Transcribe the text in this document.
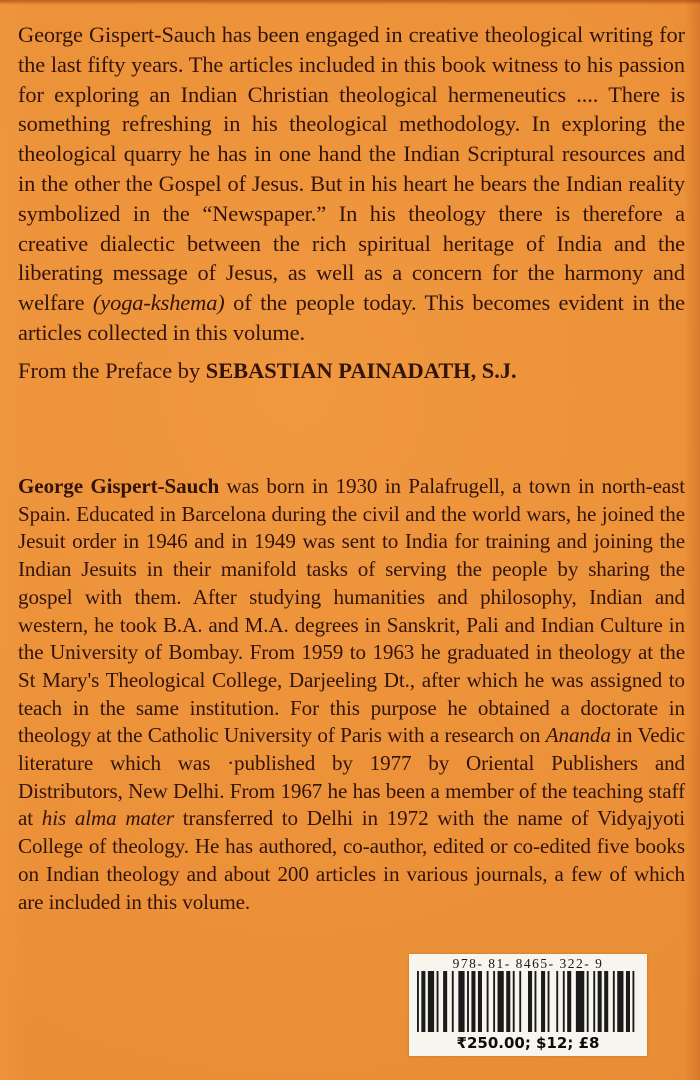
George Gispert-Sauch has been engaged in creative theological writing for the last fifty years. The articles included in this book witness to his passion for exploring an Indian Christian theological hermeneutics .... There is something refreshing in his theological methodology. In exploring the theological quarry he has in one hand the Indian Scriptural resources and in the other the Gospel of Jesus. But in his heart he bears the Indian reality symbolized in the “Newspaper.” In his theology there is therefore a creative dialectic between the rich spiritual heritage of India and the liberating message of Jesus, as well as a concern for the harmony and welfare (yoga-kshema) of the people today. This becomes evident in the articles collected in this volume.

From the Preface by SEBASTIAN PAINADATH, S.J.

George Gispert-Sauch was born in 1930 in Palafrugell, a town in north-east Spain. Educated in Barcelona during the civil and the world wars, he joined the Jesuit order in 1946 and in 1949 was sent to India for training and joining the Indian Jesuits in their manifold tasks of serving the people by sharing the gospel with them. After studying humanities and philosophy, Indian and western, he took B.A. and M.A. degrees in Sanskrit, Pali and Indian Culture in the University of Bombay. From 1959 to 1963 he graduated in theology at the St Mary's Theological College, Darjeeling Dt., after which he was assigned to teach in the same institution. For this purpose he obtained a doctorate in theology at the Catholic University of Paris with a research on Ananda in Vedic literature which was ·published by 1977 by Oriental Publishers and Distributors, New Delhi. From 1967 he has been a member of the teaching staff at his alma mater transferred to Delhi in 1972 with the name of Vidyajyoti College of theology. He has authored, co-author, edited or co-edited five books on Indian theology and about 200 articles in various journals, a few of which are included in this volume.

978- 81- 8465- 322- 9
₹250.00; $12; £8
